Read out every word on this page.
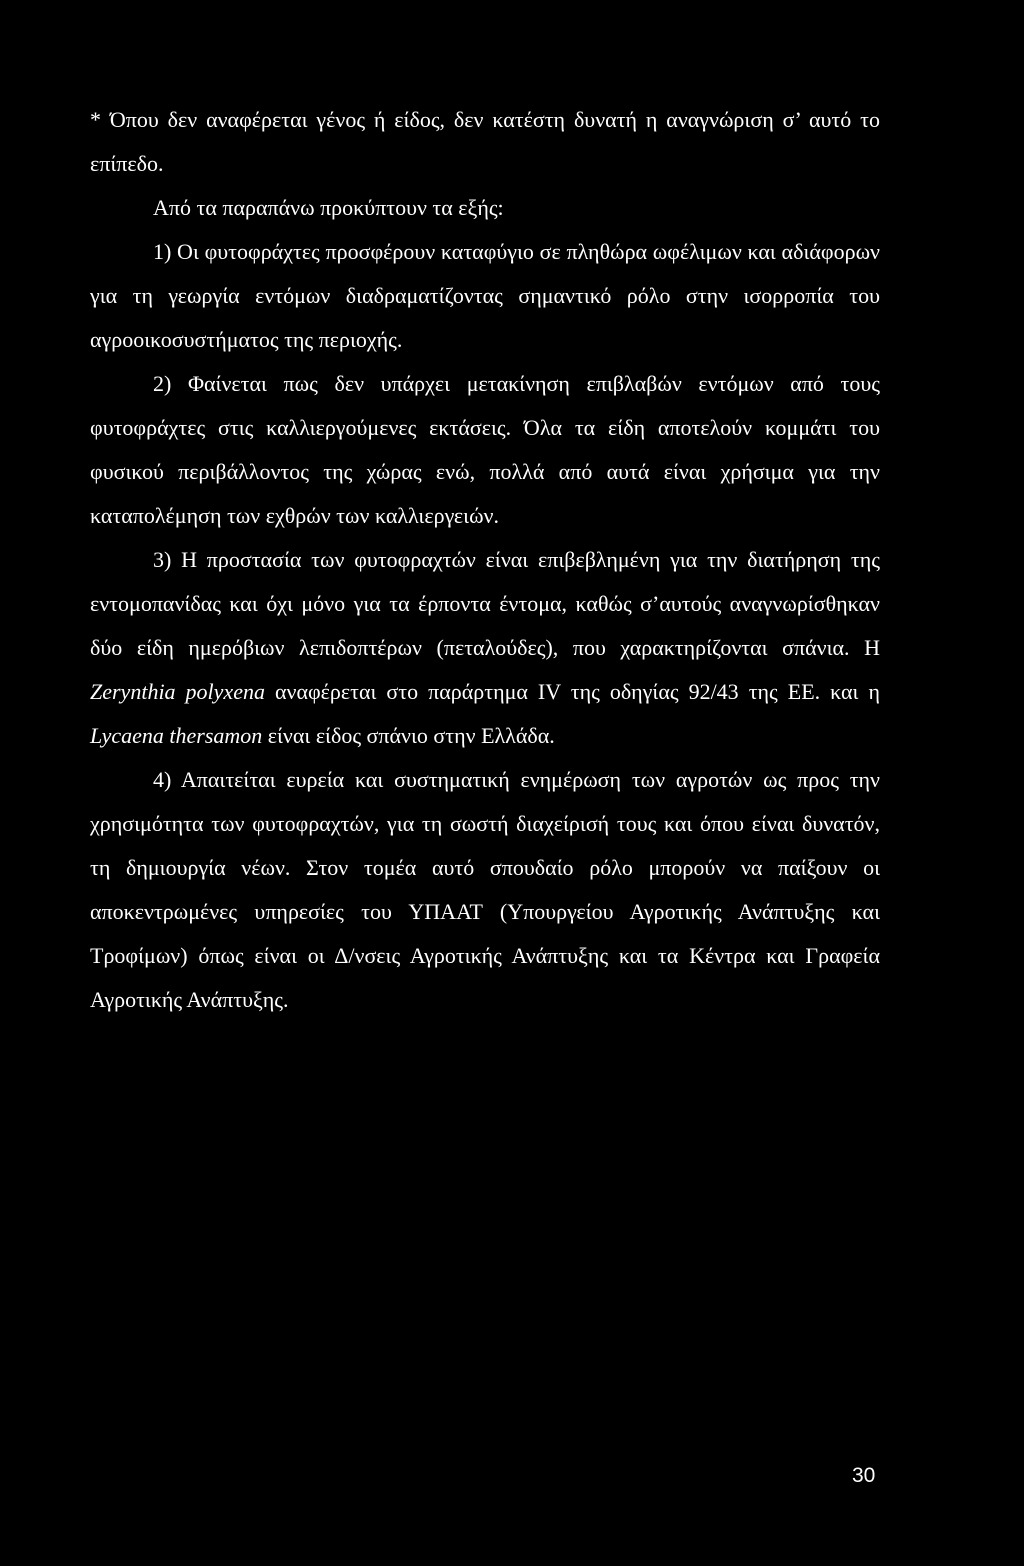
* Όπου δεν αναφέρεται γένος ή είδος, δεν κατέστη δυνατή η αναγνώριση σ’ αυτό το επίπεδο.

Από τα παραπάνω προκύπτουν τα εξής:

1) Οι φυτοφράχτες προσφέρουν καταφύγιο σε πληθώρα ωφέλιμων και αδιάφορων για τη γεωργία εντόμων διαδραματίζοντας σημαντικό ρόλο στην ισορροπία του αγροοικοσυστήματος της περιοχής.

2) Φαίνεται πως δεν υπάρχει μετακίνηση επιβλαβών εντόμων από τους φυτοφράχτες στις καλλιεργούμενες εκτάσεις. Όλα τα είδη αποτελούν κομμάτι του φυσικού περιβάλλοντος της χώρας ενώ, πολλά από αυτά είναι χρήσιμα για την καταπολέμηση των εχθρών των καλλιεργειών.

3) Η προστασία των φυτοφραχτών είναι επιβεβλημένη για την διατήρηση της εντομοπανίδας και όχι μόνο για τα έρποντα έντομα, καθώς σ’αυτούς αναγνωρίσθηκαν δύο είδη ημερόβιων λεπιδοπτέρων (πεταλούδες), που χαρακτηρίζονται σπάνια. Η Zerynthia polyxena αναφέρεται στο παράρτημα IV της οδηγίας 92/43 της ΕΕ. και η Lycaena thersamon είναι είδος σπάνιο στην Ελλάδα.

4) Απαιτείται ευρεία και συστηματική ενημέρωση των αγροτών ως προς την χρησιμότητα των φυτοφραχτών, για τη σωστή διαχείρισή τους και όπου είναι δυνατόν, τη δημιουργία νέων. Στον τομέα αυτό σπουδαίο ρόλο μπορούν να παίξουν οι αποκεντρωμένες υπηρεσίες του ΥΠΑΑΤ (Υπουργείου Αγροτικής Ανάπτυξης και Τροφίμων) όπως είναι οι Δ/νσεις Αγροτικής Ανάπτυξης και τα Κέντρα και Γραφεία Αγροτικής Ανάπτυξης.

30
